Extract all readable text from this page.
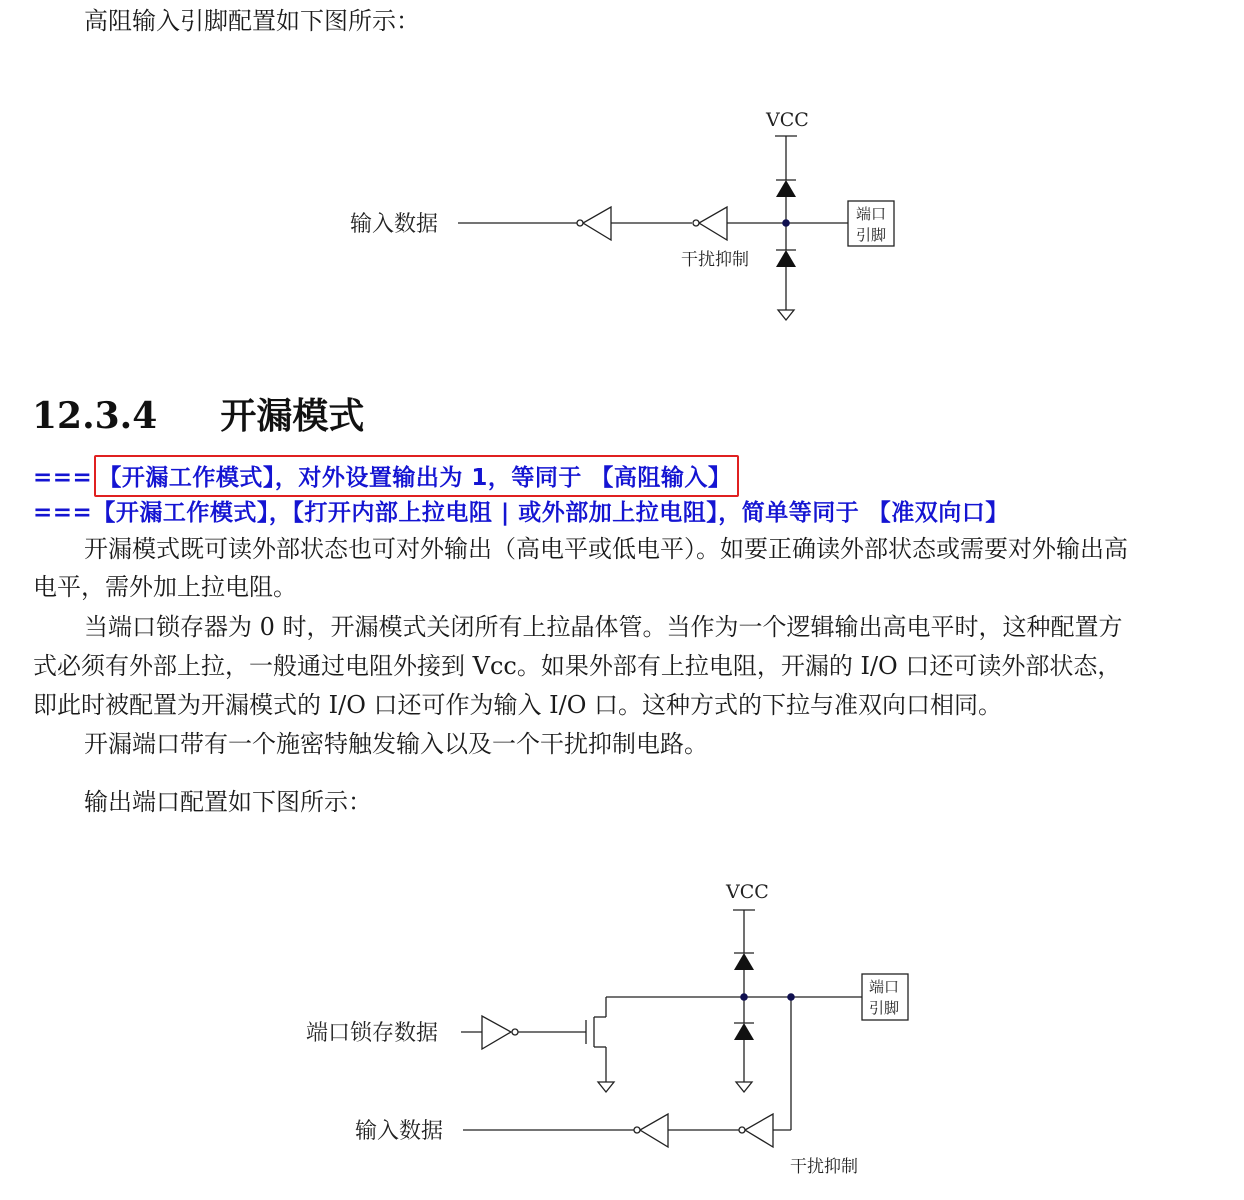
高阻输入引脚配置如下图所示：
VCC
输入数据
干扰抑制
端口
引脚
12.3.4 开漏模式
=== 【开漏工作模式】，对外设置输出为 1，等同于 【高阻输入】
===【开漏工作模式】，【打开内部上拉电阻 | 或外部加上拉电阻】，简单等同于 【准双向口】
开漏模式既可读外部状态也可对外输出（高电平或低电平）。如要正确读外部状态或需要对外输出高
电平，需外加上拉电阻。
当端口锁存器为 0 时，开漏模式关闭所有上拉晶体管。当作为一个逻辑输出高电平时，这种配置方
式必须有外部上拉，一般通过电阻外接到 Vcc。如果外部有上拉电阻，开漏的 I/O 口还可读外部状态，
即此时被配置为开漏模式的 I/O 口还可作为输入 I/O 口。这种方式的下拉与准双向口相同。
开漏端口带有一个施密特触发输入以及一个干扰抑制电路。
输出端口配置如下图所示：
VCC
端口锁存数据
输入数据
干扰抑制
端口
引脚
